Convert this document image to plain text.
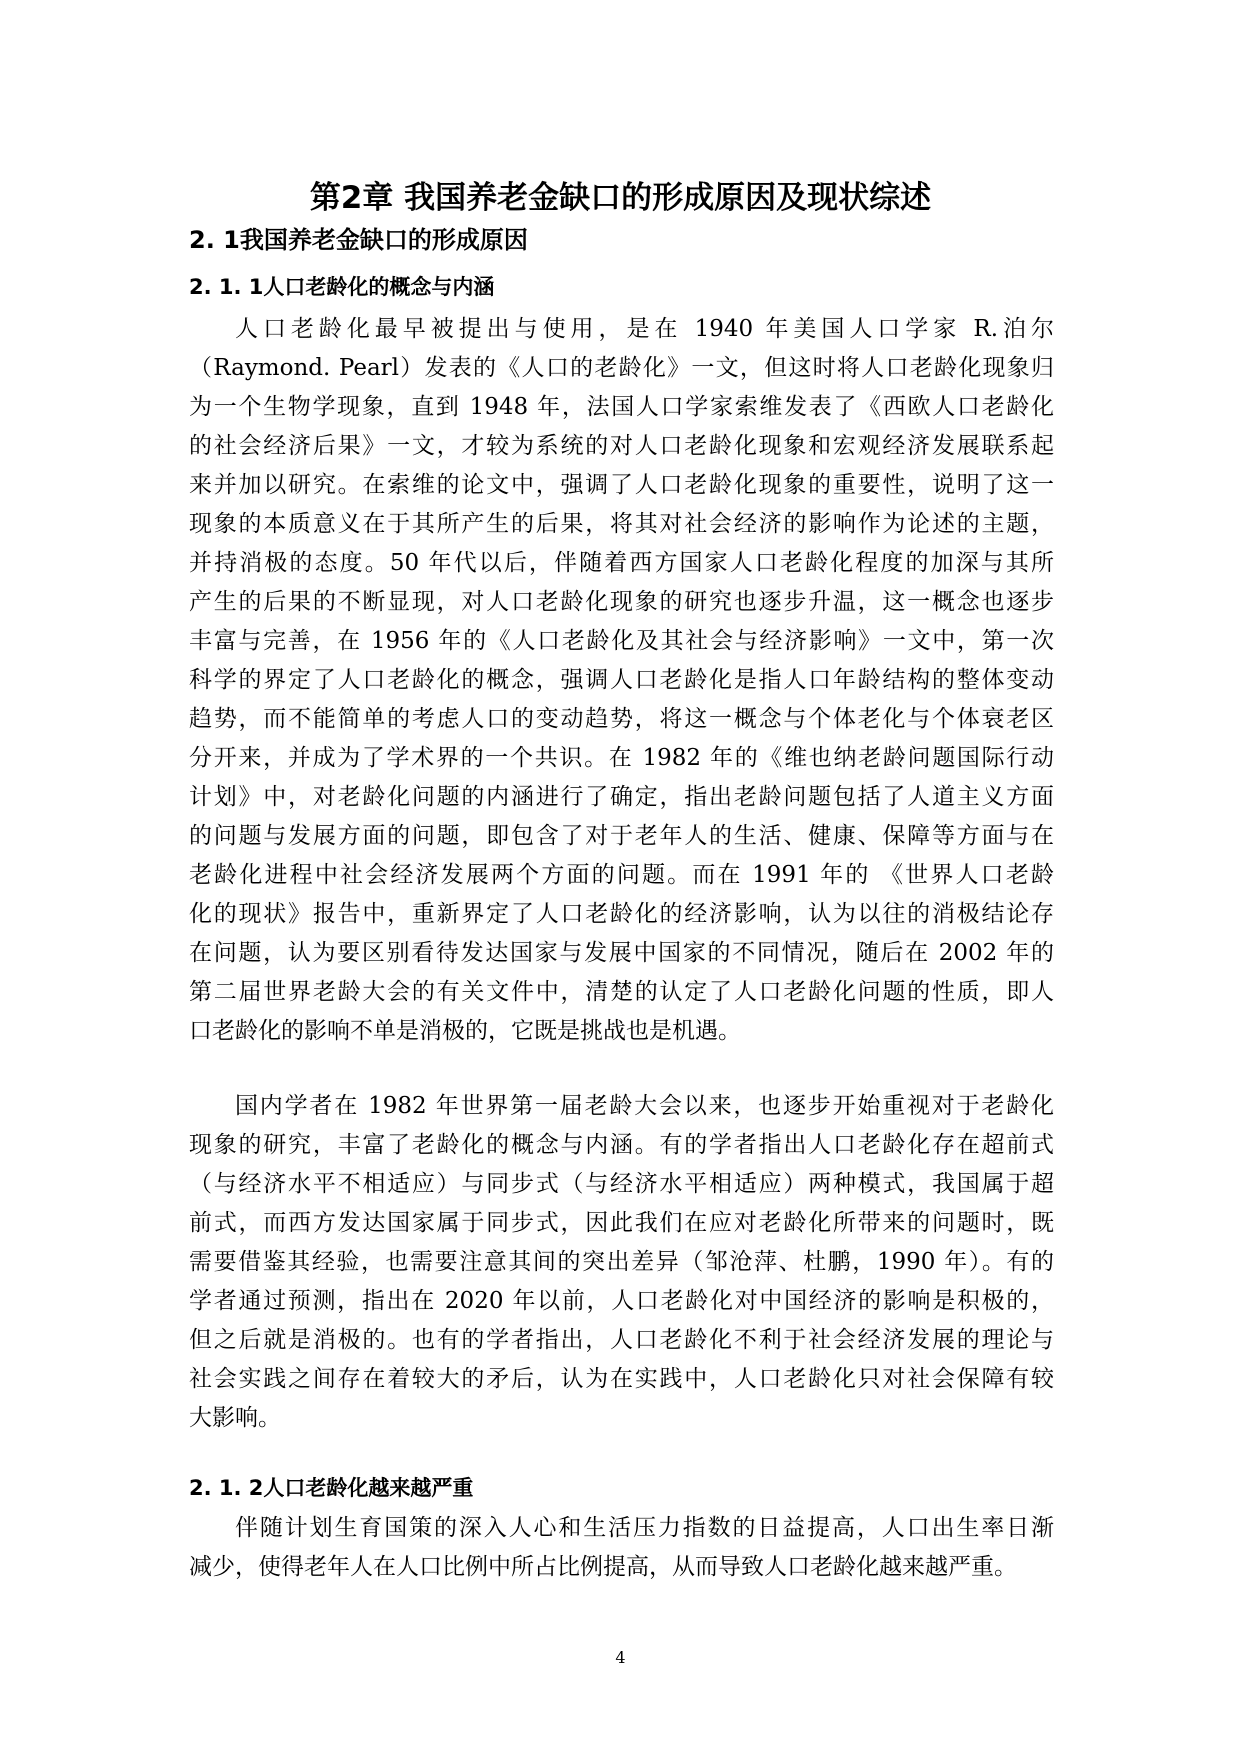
第2章 我国养老金缺口的形成原因及现状综述
2. 1我国养老金缺口的形成原因
2. 1. 1人口老龄化的概念与内涵
人口老龄化最早被提出与使用，是在 1940 年美国人口学家 R.泊尔
（Raymond. Pearl）发表的《人口的老龄化》一文，但这时将人口老龄化现象归
为一个生物学现象，直到 1948 年，法国人口学家索维发表了《西欧人口老龄化
的社会经济后果》一文，才较为系统的对人口老龄化现象和宏观经济发展联系起
来并加以研究。在索维的论文中，强调了人口老龄化现象的重要性，说明了这一
现象的本质意义在于其所产生的后果，将其对社会经济的影响作为论述的主题，
并持消极的态度。50 年代以后，伴随着西方国家人口老龄化程度的加深与其所
产生的后果的不断显现，对人口老龄化现象的研究也逐步升温，这一概念也逐步
丰富与完善，在 1956 年的《人口老龄化及其社会与经济影响》一文中，第一次
科学的界定了人口老龄化的概念，强调人口老龄化是指人口年龄结构的整体变动
趋势，而不能简单的考虑人口的变动趋势，将这一概念与个体老化与个体衰老区
分开来，并成为了学术界的一个共识。在 1982 年的《维也纳老龄问题国际行动
计划》中，对老龄化问题的内涵进行了确定，指出老龄问题包括了人道主义方面
的问题与发展方面的问题，即包含了对于老年人的生活、健康、保障等方面与在
老龄化进程中社会经济发展两个方面的问题。而在 1991 年的 《世界人口老龄
化的现状》报告中，重新界定了人口老龄化的经济影响，认为以往的消极结论存
在问题，认为要区别看待发达国家与发展中国家的不同情况，随后在 2002 年的
第二届世界老龄大会的有关文件中，清楚的认定了人口老龄化问题的性质，即人
口老龄化的影响不单是消极的，它既是挑战也是机遇。
国内学者在 1982 年世界第一届老龄大会以来，也逐步开始重视对于老龄化
现象的研究，丰富了老龄化的概念与内涵。有的学者指出人口老龄化存在超前式
（与经济水平不相适应）与同步式（与经济水平相适应）两种模式，我国属于超
前式，而西方发达国家属于同步式，因此我们在应对老龄化所带来的问题时，既
需要借鉴其经验，也需要注意其间的突出差异（邹沧萍、杜鹏，1990 年）。有的
学者通过预测，指出在 2020 年以前，人口老龄化对中国经济的影响是积极的，
但之后就是消极的。也有的学者指出，人口老龄化不利于社会经济发展的理论与
社会实践之间存在着较大的矛后，认为在实践中，人口老龄化只对社会保障有较
大影响。
2. 1. 2人口老龄化越来越严重
伴随计划生育国策的深入人心和生活压力指数的日益提高，人口出生率日渐
减少，使得老年人在人口比例中所占比例提高，从而导致人口老龄化越来越严重。
4
